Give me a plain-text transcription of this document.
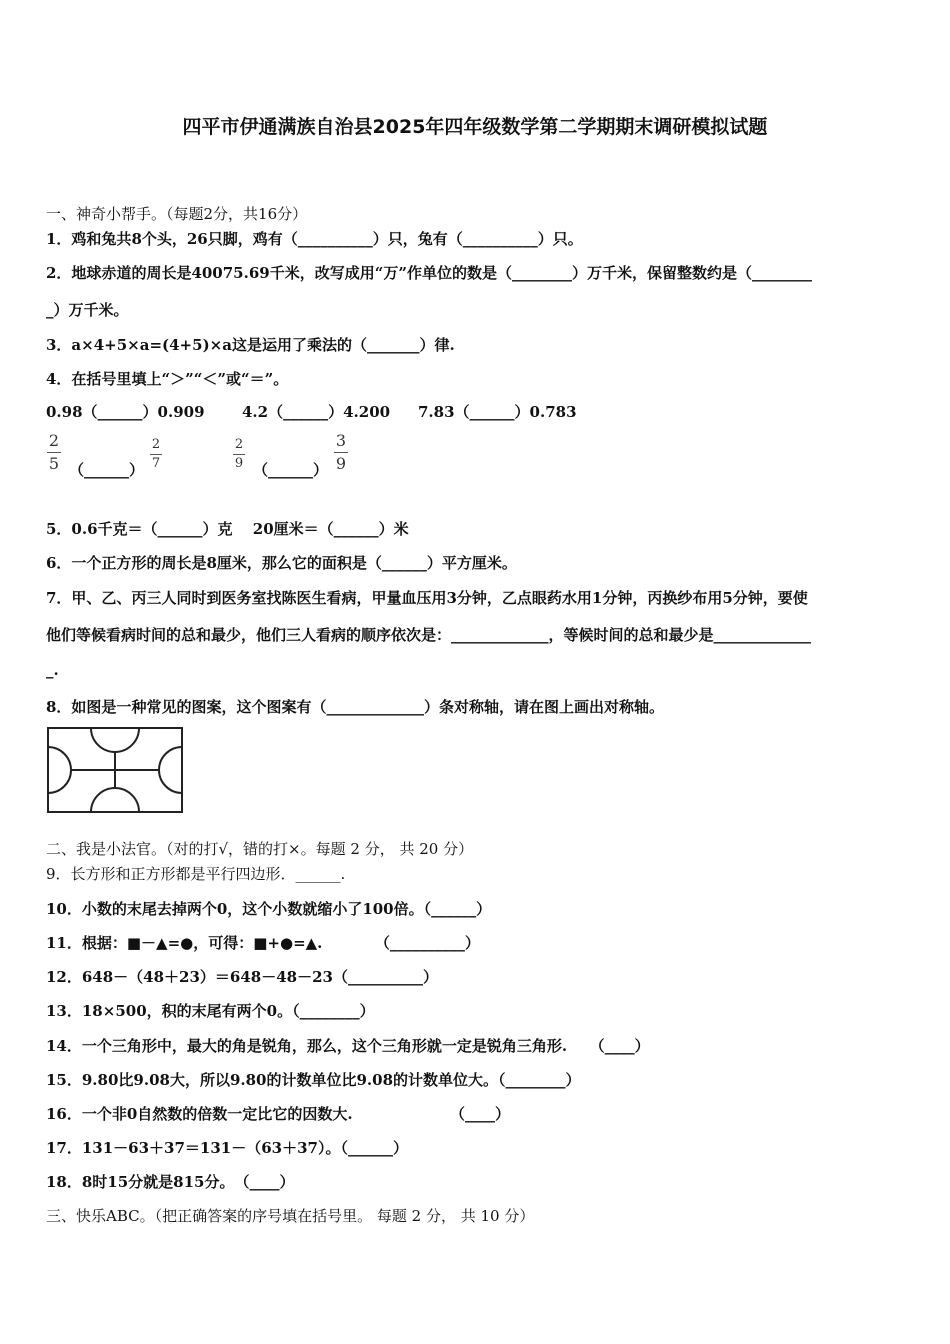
四平市伊通满族自治县2025年四年级数学第二学期期末调研模拟试题
一、神奇小帮手。（每题2分，共16分）
1．鸡和兔共8个头，26只脚，鸡有（__________）只，兔有（__________）只。
2．地球赤道的周长是40075.69千米，改写成用“万”作单位的数是（________）万千米，保留整数约是（________
_）万千米。
3．a×4+5×a=(4+5)×a这是运用了乘法的（_______）律.
4．在括号里填上“＞”“＜”或“＝”。
0.98（______）0.909 4.2（______）4.200 7.83（______）0.783
2
5 （______）
2
7
2
9 （______）
3
9
5．0.6千克＝（______）克　 20厘米＝（______）米
6．一个正方形的周长是8厘米，那么它的面积是（______）平方厘米。
7．甲、乙、丙三人同时到医务室找陈医生看病，甲量血压用3分钟，乙点眼药水用1分钟，丙换纱布用5分钟，要使
他们等候看病时间的总和最少，他们三人看病的顺序依次是：_____________，等候时间的总和最少是_____________
_.
8．如图是一种常见的图案，这个图案有（_____________）条对称轴，请在图上画出对称轴。
二、我是小法官。（对的打√，错的打×。每题 2 分， 共 20 分）
9．长方形和正方形都是平行四边形．______.
10．小数的末尾去掉两个0，这个小数就缩小了100倍。（______）
11．根据：■－▲=●，可得：■+●=▲.　　　　（__________）
12．648－（48＋23）＝648－48－23（__________）
13．18×500，积的末尾有两个0。（________）
14．一个三角形中，最大的角是锐角，那么，这个三角形就一定是锐角三角形.　　（____）
15．9.80比9.08大，所以9.80的计数单位比9.08的计数单位大。（________）
16．一个非0自然数的倍数一定比它的因数大.　　　　　　　（____）
17．131－63＋37＝131－（63＋37）。（______）
18．8时15分就是815分。　（____）
三、快乐ABC。（把正确答案的序号填在括号里。 每题 2 分， 共 10 分）
